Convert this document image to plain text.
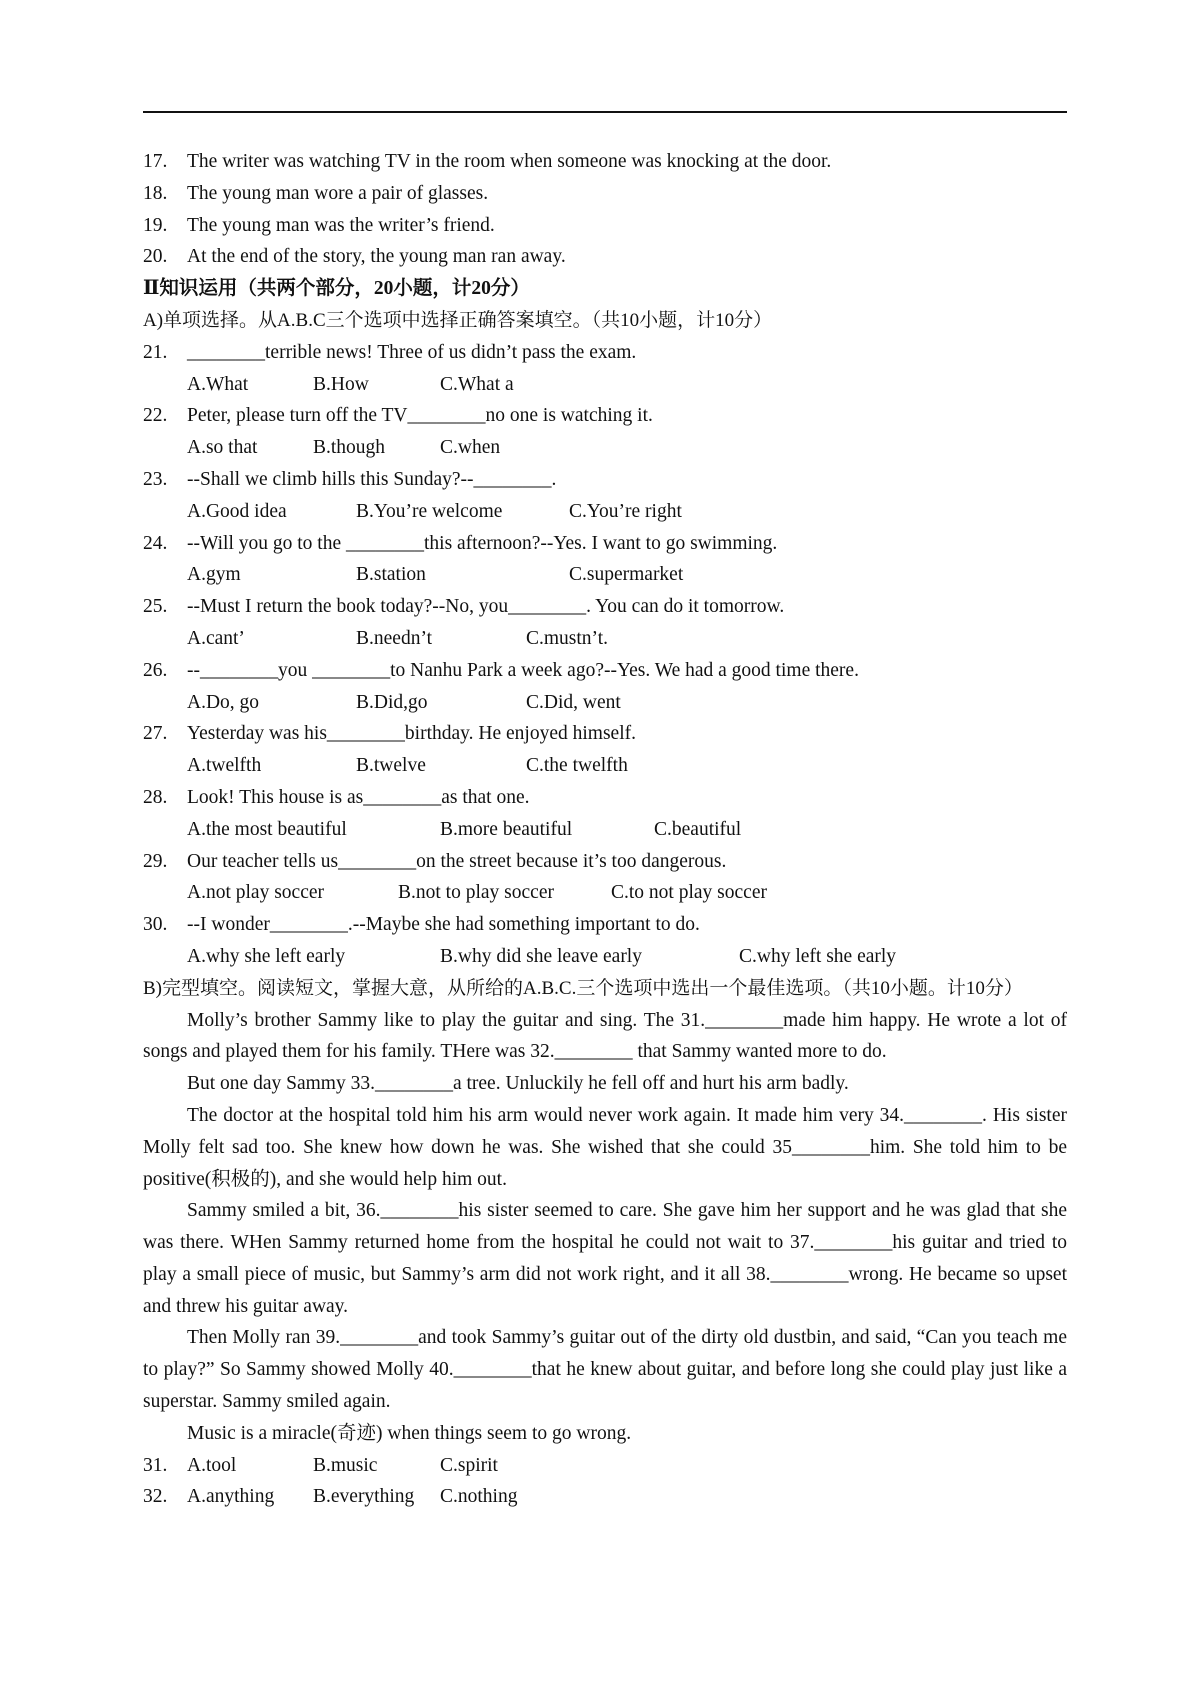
17. The writer was watching TV in the room when someone was knocking at the door.
18. The young man wore a pair of glasses.
19. The young man was the writer’s friend.
20. At the end of the story, the young man ran away.
Ⅱ知识运用（共两个部分，20小题，计20分）
A)单项选择。从A.B.C三个选项中选择正确答案填空。（共10小题，计10分）
21. ________terrible news! Three of us didn’t pass the exam.
A.What	B.How	C.What a
22. Peter, please turn off the TV________no one is watching it.
A.so that	B.though	C.when
23. --Shall we climb hills this Sunday?--________.
A.Good idea	B.You’re welcome	C.You’re right
24. --Will you go to the ________this afternoon?--Yes. I want to go swimming.
A.gym	B.station	C.supermarket
25. --Must I return the book today?--No, you________. You can do it tomorrow.
A.cant’	B.needn’t	C.mustn’t.
26. --________you ________to Nanhu Park a week ago?--Yes. We had a good time there.
A.Do, go	B.Did,go	C.Did, went
27. Yesterday was his________birthday. He enjoyed himself.
A.twelfth	B.twelve	C.the twelfth
28. Look! This house is as________as that one.
A.the most beautiful	B.more beautiful	C.beautiful
29. Our teacher tells us________on the street because it’s too dangerous.
A.not play soccer	B.not to play soccer	C.to not play soccer
30. --I wonder________.--Maybe she had something important to do.
A.why she left early	B.why did she leave early	C.why left she early
B)完型填空。阅读短文，掌握大意，从所给的A.B.C.三个选项中选出一个最佳选项。（共10小题。计10分）

Molly’s brother Sammy like to play the guitar and sing. The 31.________made him happy. He wrote a lot of songs and played them for his family. THere was 32.________ that Sammy wanted more to do.

But one day Sammy 33.________a tree. Unluckily he fell off and hurt his arm badly.

The doctor at the hospital told him his arm would never work again. It made him very 34.________. His sister Molly felt sad too. She knew how down he was. She wished that she could 35________him. She told him to be positive(积极的), and she would help him out.

Sammy smiled a bit, 36.________his sister seemed to care. She gave him her support and he was glad that she was there. WHen Sammy returned home from the hospital he could not wait to 37.________his guitar and tried to play a small piece of music, but Sammy’s arm did not work right, and it all 38.________wrong. He became so upset and threw his guitar away.

Then Molly ran 39.________and took Sammy’s guitar out of the dirty old dustbin, and said, “Can you teach me to play?” So Sammy showed Molly 40.________that he knew about guitar, and before long she could play just like a superstar. Sammy smiled again.

Music is a miracle(奇迹) when things seem to go wrong.

31. A.tool	B.music	C.spirit
32. A.anything B.everything C.nothing
